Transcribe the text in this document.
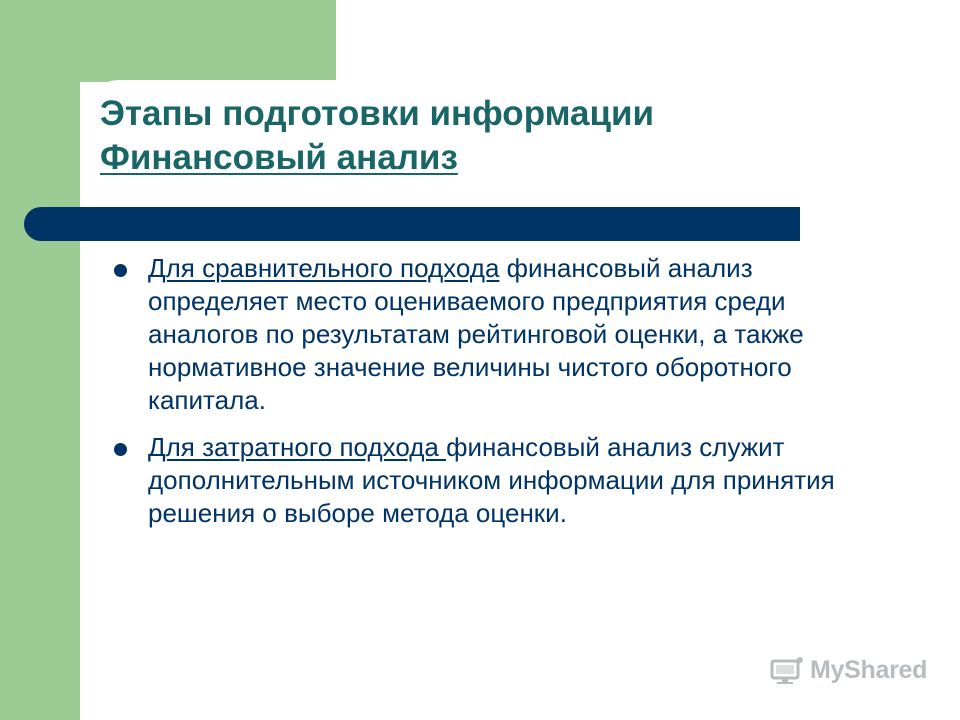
Этапы подготовки информации
Финансовый анализ
Для сравнительного подхода финансовый анализ определяет место оцениваемого предприятия среди аналогов по результатам рейтинговой оценки, а также нормативное значение величины чистого оборотного капитала.
Для затратного подхода финансовый анализ служит дополнительным источником информации для принятия решения о выборе метода оценки.
MyShared
